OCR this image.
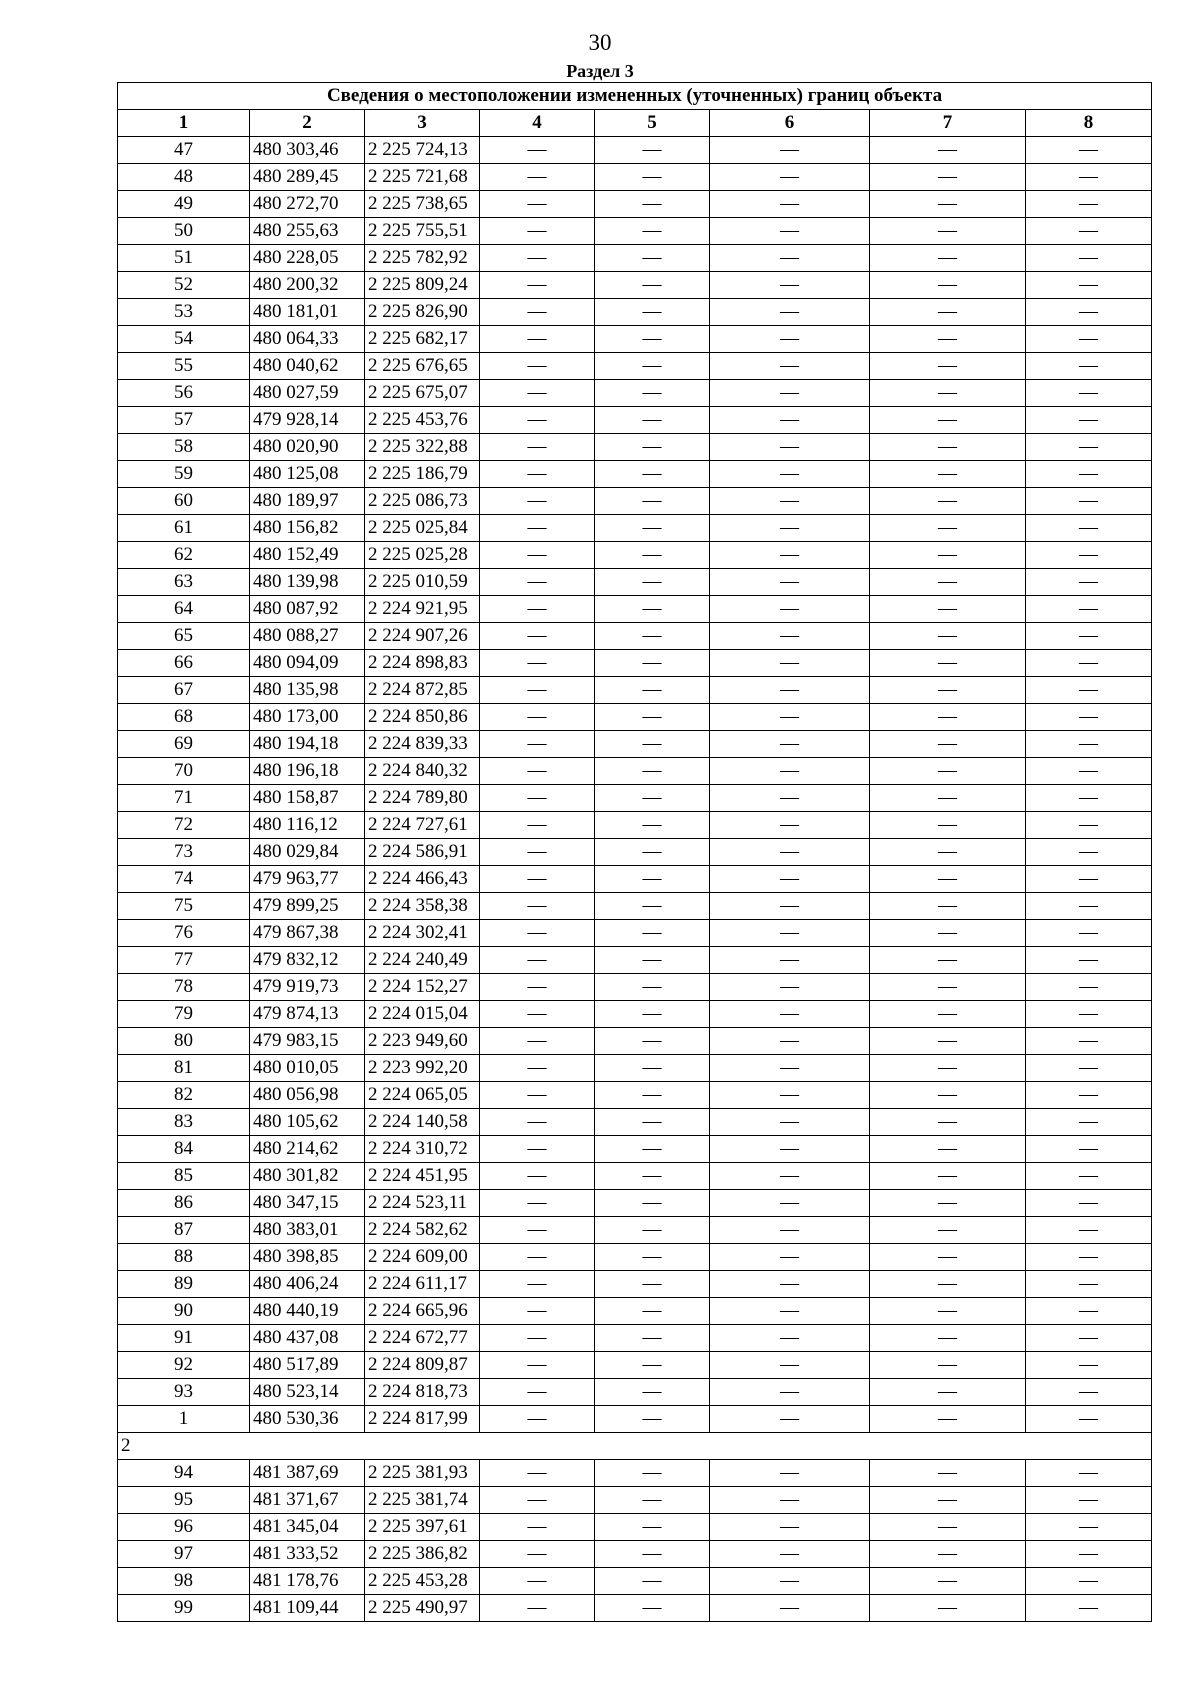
30
Раздел 3
Сведения о местоположении измененных (уточненных) границ объекта							
1	2	3	4	5	6	7	8
47	480 303,46	2 225 724,13	—	—	—	—	—
48	480 289,45	2 225 721,68	—	—	—	—	—
49	480 272,70	2 225 738,65	—	—	—	—	—
50	480 255,63	2 225 755,51	—	—	—	—	—
51	480 228,05	2 225 782,92	—	—	—	—	—
52	480 200,32	2 225 809,24	—	—	—	—	—
53	480 181,01	2 225 826,90	—	—	—	—	—
54	480 064,33	2 225 682,17	—	—	—	—	—
55	480 040,62	2 225 676,65	—	—	—	—	—
56	480 027,59	2 225 675,07	—	—	—	—	—
57	479 928,14	2 225 453,76	—	—	—	—	—
58	480 020,90	2 225 322,88	—	—	—	—	—
59	480 125,08	2 225 186,79	—	—	—	—	—
60	480 189,97	2 225 086,73	—	—	—	—	—
61	480 156,82	2 225 025,84	—	—	—	—	—
62	480 152,49	2 225 025,28	—	—	—	—	—
63	480 139,98	2 225 010,59	—	—	—	—	—
64	480 087,92	2 224 921,95	—	—	—	—	—
65	480 088,27	2 224 907,26	—	—	—	—	—
66	480 094,09	2 224 898,83	—	—	—	—	—
67	480 135,98	2 224 872,85	—	—	—	—	—
68	480 173,00	2 224 850,86	—	—	—	—	—
69	480 194,18	2 224 839,33	—	—	—	—	—
70	480 196,18	2 224 840,32	—	—	—	—	—
71	480 158,87	2 224 789,80	—	—	—	—	—
72	480 116,12	2 224 727,61	—	—	—	—	—
73	480 029,84	2 224 586,91	—	—	—	—	—
74	479 963,77	2 224 466,43	—	—	—	—	—
75	479 899,25	2 224 358,38	—	—	—	—	—
76	479 867,38	2 224 302,41	—	—	—	—	—
77	479 832,12	2 224 240,49	—	—	—	—	—
78	479 919,73	2 224 152,27	—	—	—	—	—
79	479 874,13	2 224 015,04	—	—	—	—	—
80	479 983,15	2 223 949,60	—	—	—	—	—
81	480 010,05	2 223 992,20	—	—	—	—	—
82	480 056,98	2 224 065,05	—	—	—	—	—
83	480 105,62	2 224 140,58	—	—	—	—	—
84	480 214,62	2 224 310,72	—	—	—	—	—
85	480 301,82	2 224 451,95	—	—	—	—	—
86	480 347,15	2 224 523,11	—	—	—	—	—
87	480 383,01	2 224 582,62	—	—	—	—	—
88	480 398,85	2 224 609,00	—	—	—	—	—
89	480 406,24	2 224 611,17	—	—	—	—	—
90	480 440,19	2 224 665,96	—	—	—	—	—
91	480 437,08	2 224 672,77	—	—	—	—	—
92	480 517,89	2 224 809,87	—	—	—	—	—
93	480 523,14	2 224 818,73	—	—	—	—	—
1	480 530,36	2 224 817,99	—	—	—	—	—
2							
94	481 387,69	2 225 381,93	—	—	—	—	—
95	481 371,67	2 225 381,74	—	—	—	—	—
96	481 345,04	2 225 397,61	—	—	—	—	—
97	481 333,52	2 225 386,82	—	—	—	—	—
98	481 178,76	2 225 453,28	—	—	—	—	—
99	481 109,44	2 225 490,97	—	—	—	—	—
